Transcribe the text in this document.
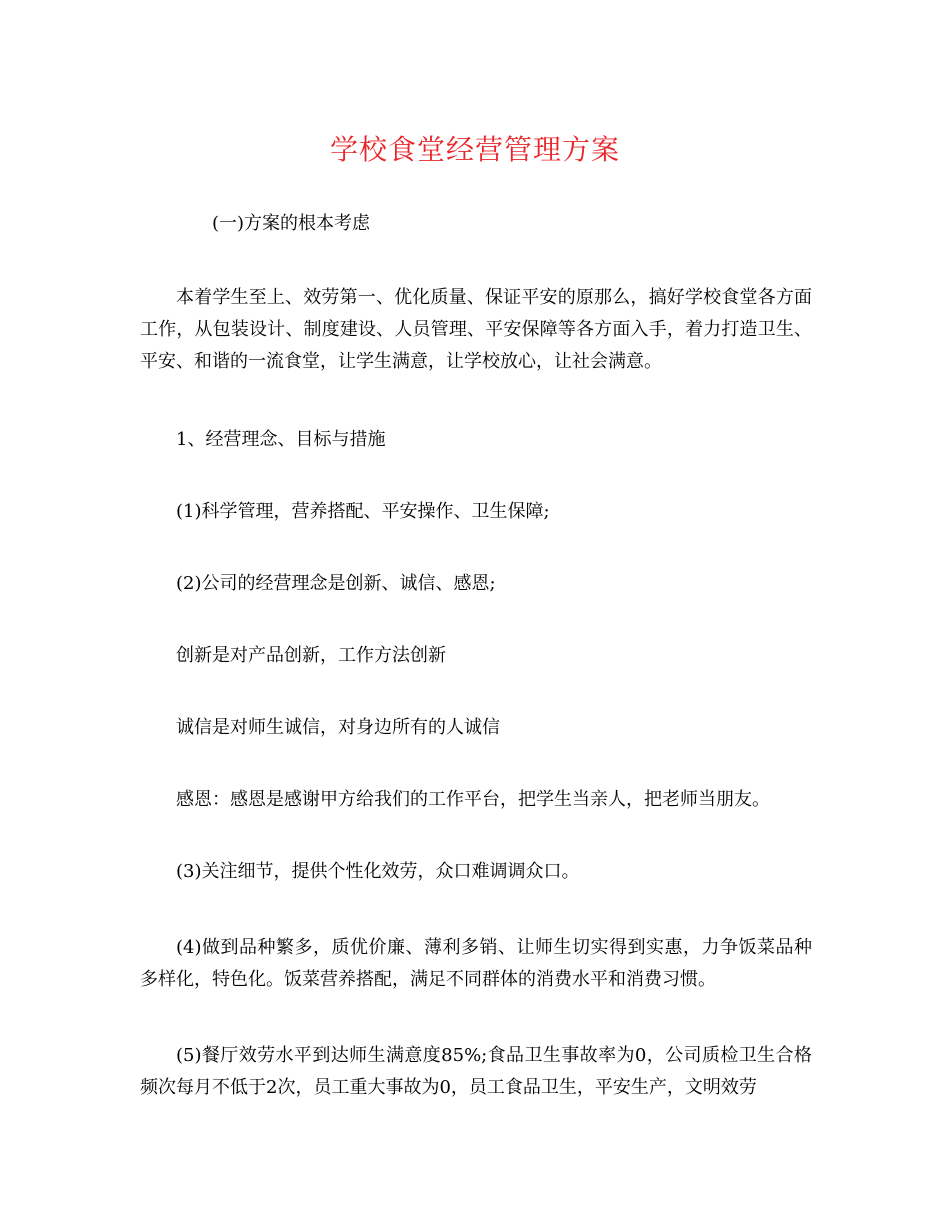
学校食堂经营管理方案

(一)方案的根本考虑

本着学生至上、效劳第一、优化质量、保证平安的原那么，搞好学校食堂各方面工作，从包装设计、制度建设、人员管理、平安保障等各方面入手，着力打造卫生、平安、和谐的一流食堂，让学生满意，让学校放心，让社会满意。

1、经营理念、目标与措施

(1)科学管理，营养搭配、平安操作、卫生保障;

(2)公司的经营理念是创新、诚信、感恩;

创新是对产品创新，工作方法创新

诚信是对师生诚信，对身边所有的人诚信

感恩：感恩是感谢甲方给我们的工作平台，把学生当亲人，把老师当朋友。

(3)关注细节，提供个性化效劳，众口难调调众口。

(4)做到品种繁多，质优价廉、薄利多销、让师生切实得到实惠，力争饭菜品种多样化，特色化。饭菜营养搭配，满足不同群体的消费水平和消费习惯。

(5)餐厅效劳水平到达师生满意度85%;食品卫生事故率为0，公司质检卫生合格频次每月不低于2次，员工重大事故为0，员工食品卫生，平安生产，文明效劳
